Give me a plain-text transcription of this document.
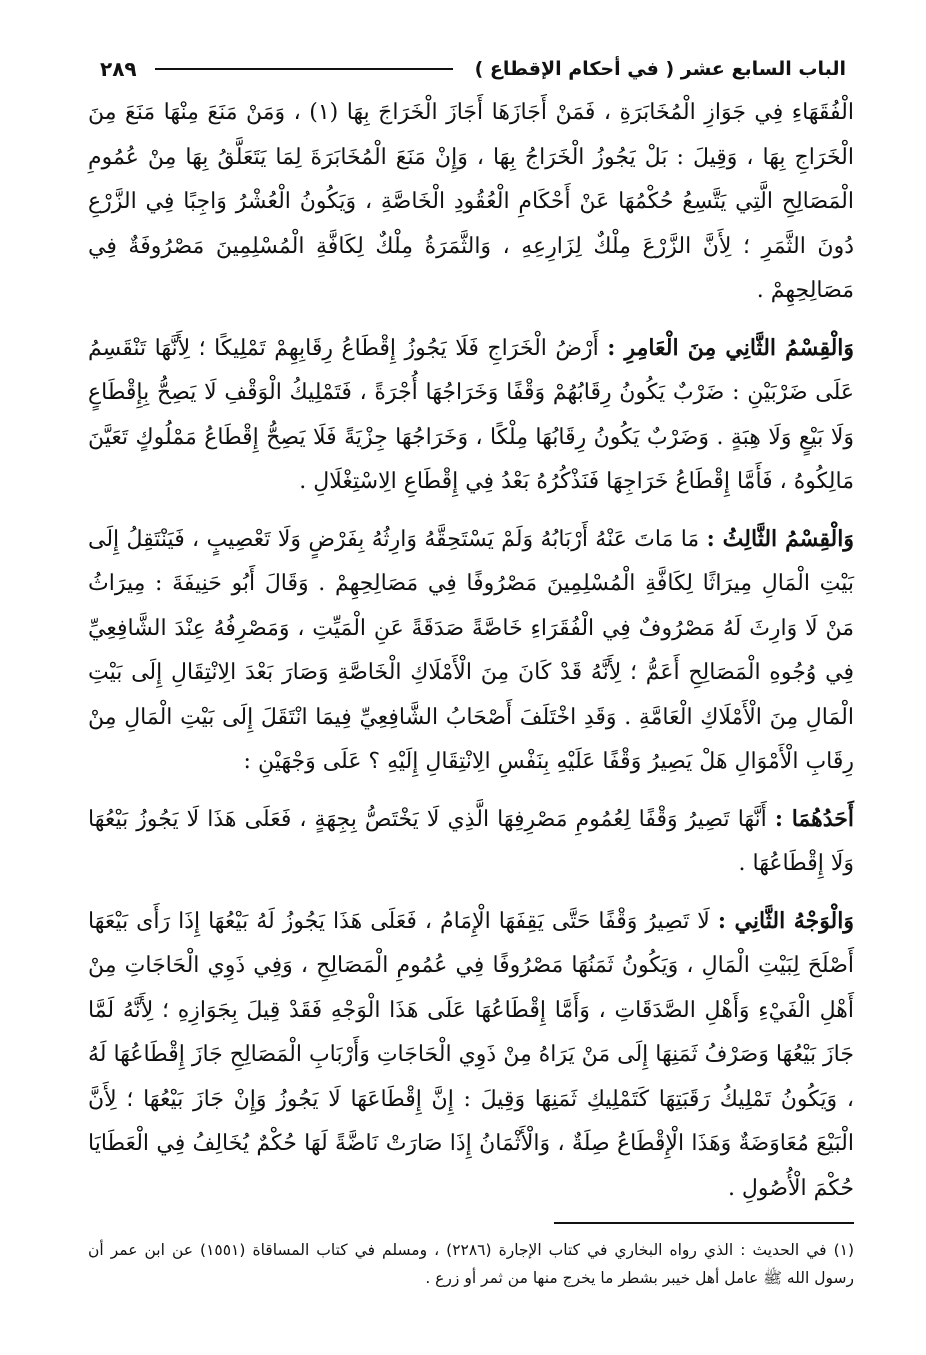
الباب السابع عشر ( في أحكام الإقطاع )
٢٨٩

الْفُقَهَاءِ فِي جَوَازِ الْمُخَابَرَةِ ، فَمَنْ أَجَازَهَا أَجَازَ الْخَرَاجَ بِهَا (١) ، وَمَنْ مَنَعَ مِنْهَا مَنَعَ مِنَ الْخَرَاجِ بِهَا ، وَقِيلَ : بَلْ يَجُوزُ الْخَرَاجُ بِهَا ، وَإِنْ مَنَعَ الْمُخَابَرَةَ لِمَا يَتَعَلَّقُ بِهَا مِنْ عُمُومِ الْمَصَالِحِ الَّتِي يَتَّسِعُ حُكْمُهَا عَنْ أَحْكَامِ الْعُقُودِ الْخَاصَّةِ ، وَيَكُونُ الْعُشْرُ وَاجِبًا فِي الزَّرْعِ دُونَ الثَّمَرِ ؛ لِأَنَّ الزَّرْعَ مِلْكٌ لِزَارِعِهِ ، وَالثَّمَرَةُ مِلْكٌ لِكَافَّةِ الْمُسْلِمِينَ مَصْرُوفَةٌ فِي مَصَالِحِهِمْ .

وَالْقِسْمُ الثَّانِي مِنَ الْعَامِرِ : أَرْضُ الْخَرَاجِ فَلَا يَجُوزُ إِقْطَاعُ رِقَابِهِمْ تَمْلِيكًا ؛ لِأَنَّهَا تَنْقَسِمُ عَلَى ضَرْبَيْنِ : ضَرْبٌ يَكُونُ رِقَابُهُمْ وَقْفًا وَخَرَاجُهَا أُجْرَةً ، فَتَمْلِيكُ الْوَقْفِ لَا يَصِحُّ بِإِقْطَاعٍ وَلَا بَيْعٍ وَلَا هِبَةٍ . وَضَرْبٌ يَكُونُ رِقَابُهَا مِلْكًا ، وَخَرَاجُهَا جِزْيَةً فَلَا يَصِحُّ إِقْطَاعُ مَمْلُوكٍ تَعَيَّنَ مَالِكُوهُ ، فَأَمَّا إِقْطَاعُ خَرَاجِهَا فَنَذْكُرُهُ بَعْدُ فِي إِقْطَاعِ الِاسْتِغْلَالِ .

وَالْقِسْمُ الثَّالِثُ : مَا مَاتَ عَنْهُ أَرْبَابُهُ وَلَمْ يَسْتَحِقَّهُ وَارِثُهُ بِفَرْضٍ وَلَا تَعْصِيبٍ ، فَيَنْتَقِلُ إِلَى بَيْتِ الْمَالِ مِيرَاثًا لِكَافَّةِ الْمُسْلِمِينَ مَصْرُوفًا فِي مَصَالِحِهِمْ . وَقَالَ أَبُو حَنِيفَةَ : مِيرَاثُ مَنْ لَا وَارِثَ لَهُ مَصْرُوفٌ فِي الْفُقَرَاءِ خَاصَّةً صَدَقَةً عَنِ الْمَيِّتِ ، وَمَصْرِفُهُ عِنْدَ الشَّافِعِيِّ فِي وُجُوهِ الْمَصَالِحِ أَعَمُّ ؛ لِأَنَّهُ قَدْ كَانَ مِنَ الْأَمْلَاكِ الْخَاصَّةِ وَصَارَ بَعْدَ الِانْتِقَالِ إِلَى بَيْتِ الْمَالِ مِنَ الْأَمْلَاكِ الْعَامَّةِ . وَقَدِ اخْتَلَفَ أَصْحَابُ الشَّافِعِيِّ فِيمَا انْتَقَلَ إِلَى بَيْتِ الْمَالِ مِنْ رِقَابِ الْأَمْوَالِ هَلْ يَصِيرُ وَقْفًا عَلَيْهِ بِنَفْسِ الِانْتِقَالِ إِلَيْهِ ؟ عَلَى وَجْهَيْنِ :

أَحَدُهُمَا : أَنَّهَا تَصِيرُ وَقْفًا لِعُمُومِ مَصْرِفِهَا الَّذِي لَا يَخْتَصُّ بِجِهَةٍ ، فَعَلَى هَذَا لَا يَجُوزُ بَيْعُهَا وَلَا إِقْطَاعُهَا .

وَالْوَجْهُ الثَّانِي : لَا تَصِيرُ وَقْفًا حَتَّى يَقِفَهَا الْإِمَامُ ، فَعَلَى هَذَا يَجُوزُ لَهُ بَيْعُهَا إِذَا رَأَى بَيْعَهَا أَصْلَحَ لِبَيْتِ الْمَالِ ، وَيَكُونُ ثَمَنُهَا مَصْرُوفًا فِي عُمُومِ الْمَصَالِحِ ، وَفِي ذَوِي الْحَاجَاتِ مِنْ أَهْلِ الْفَيْءِ وَأَهْلِ الصَّدَقَاتِ ، وَأَمَّا إِقْطَاعُهَا عَلَى هَذَا الْوَجْهِ فَقَدْ قِيلَ بِجَوَازِهِ ؛ لِأَنَّهُ لَمَّا جَازَ بَيْعُهَا وَصَرْفُ ثَمَنِهَا إِلَى مَنْ يَرَاهُ مِنْ ذَوِي الْحَاجَاتِ وَأَرْبَابِ الْمَصَالِحِ جَازَ إِقْطَاعُهَا لَهُ ، وَيَكُونُ تَمْلِيكُ رَقَبَتِهَا كَتَمْلِيكِ ثَمَنِهَا وَقِيلَ : إِنَّ إِقْطَاعَهَا لَا يَجُوزُ وَإِنْ جَازَ بَيْعُهَا ؛ لِأَنَّ الْبَيْعَ مُعَاوَضَةٌ وَهَذَا الْإِقْطَاعُ صِلَةٌ ، وَالْأَثْمَانُ إِذَا صَارَتْ نَاضَّةً لَهَا حُكْمٌ يُخَالِفُ فِي الْعَطَايَا حُكْمَ الْأُصُولِ .

(١) في الحديث : الذي رواه البخاري في كتاب الإجارة (٢٢٨٦) ، ومسلم في كتاب المساقاة (١٥٥١) عن ابن عمر أن رسول الله ﷺ عامل أهل خيبر بشطر ما يخرج منها من ثمر أو زرع .
